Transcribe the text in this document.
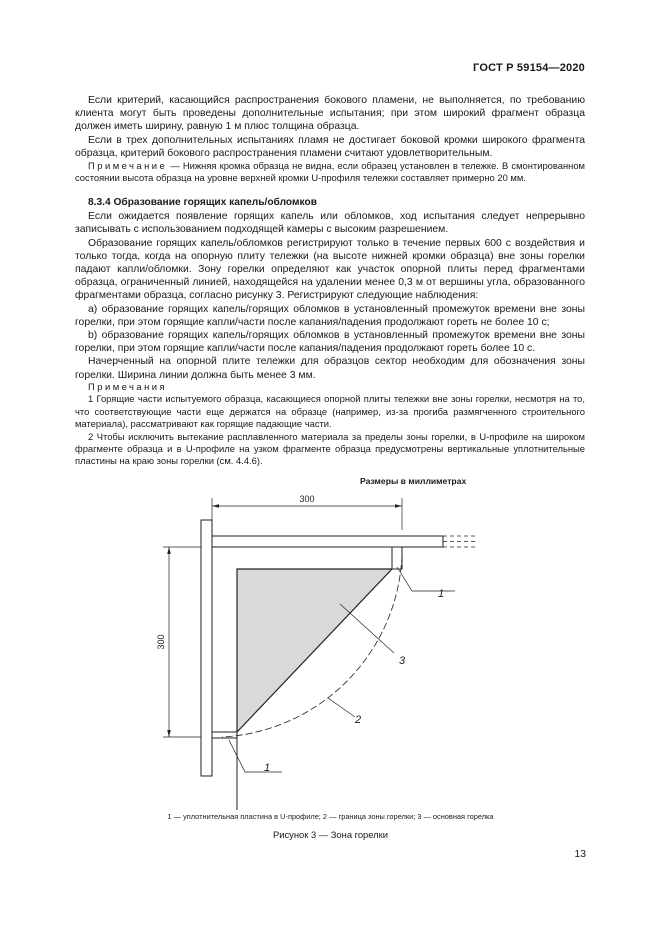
ГОСТ Р 59154—2020

Если критерий, касающийся распространения бокового пламени, не выполняется, по требованию клиента могут быть проведены дополнительные испытания; при этом широкий фрагмент образца должен иметь ширину, равную 1 м плюс толщина образца.

Если в трех дополнительных испытаниях пламя не достигает боковой кромки широкого фрагмента образца, критерий бокового распространения пламени считают удовлетворительным.

Примечание — Нижняя кромка образца не видна, если образец установлен в тележке. В смонтированном состоянии высота образца на уровне верхней кромки U-профиля тележки составляет примерно 20 мм.

8.3.4 Образование горящих капель/обломков

Если ожидается появление горящих капель или обломков, ход испытания следует непрерывно записывать с использованием подходящей камеры с высоким разрешением.

Образование горящих капель/обломков регистрируют только в течение первых 600 с воздействия и только тогда, когда на опорную плиту тележки (на высоте нижней кромки образца) вне зоны горелки падают капли/обломки. Зону горелки определяют как участок опорной плиты перед фрагментами образца, ограниченный линией, находящейся на удалении менее 0,3 м от вершины угла, образованного фрагментами образца, согласно рисунку 3. Регистрируют следующие наблюдения:

a) образование горящих капель/горящих обломков в установленный промежуток времени вне зоны горелки, при этом горящие капли/части после капания/падения продолжают гореть не более 10 с;

b) образование горящих капель/горящих обломков в установленный промежуток времени вне зоны горелки, при этом горящие капли/части после капания/падения продолжают гореть более 10 с.

Начерченный на опорной плите тележки для образцов сектор необходим для обозначения зоны горелки. Ширина линии должна быть менее 3 мм.

Примечания

1 Горящие части испытуемого образца, касающиеся опорной плиты тележки вне зоны горелки, несмотря на то, что соответствующие части еще держатся на образце (например, из-за прогиба размягченного строительного материала), рассматривают как горящие падающие части.

2 Чтобы исключить вытекание расплавленного материала за пределы зоны горелки, в U-профиле на широком фрагменте образца и в U-профиле на узком фрагменте образца предусмотрены вертикальные уплотнительные пластины на краю зоны горелки (см. 4.4.6).

Размеры в миллиметрах
300
300
1
3
2
1
1 — уплотнительная пластина в U-профиле; 2 — граница зоны горелки; 3 — основная горелка
Рисунок 3 — Зона горелки
13
